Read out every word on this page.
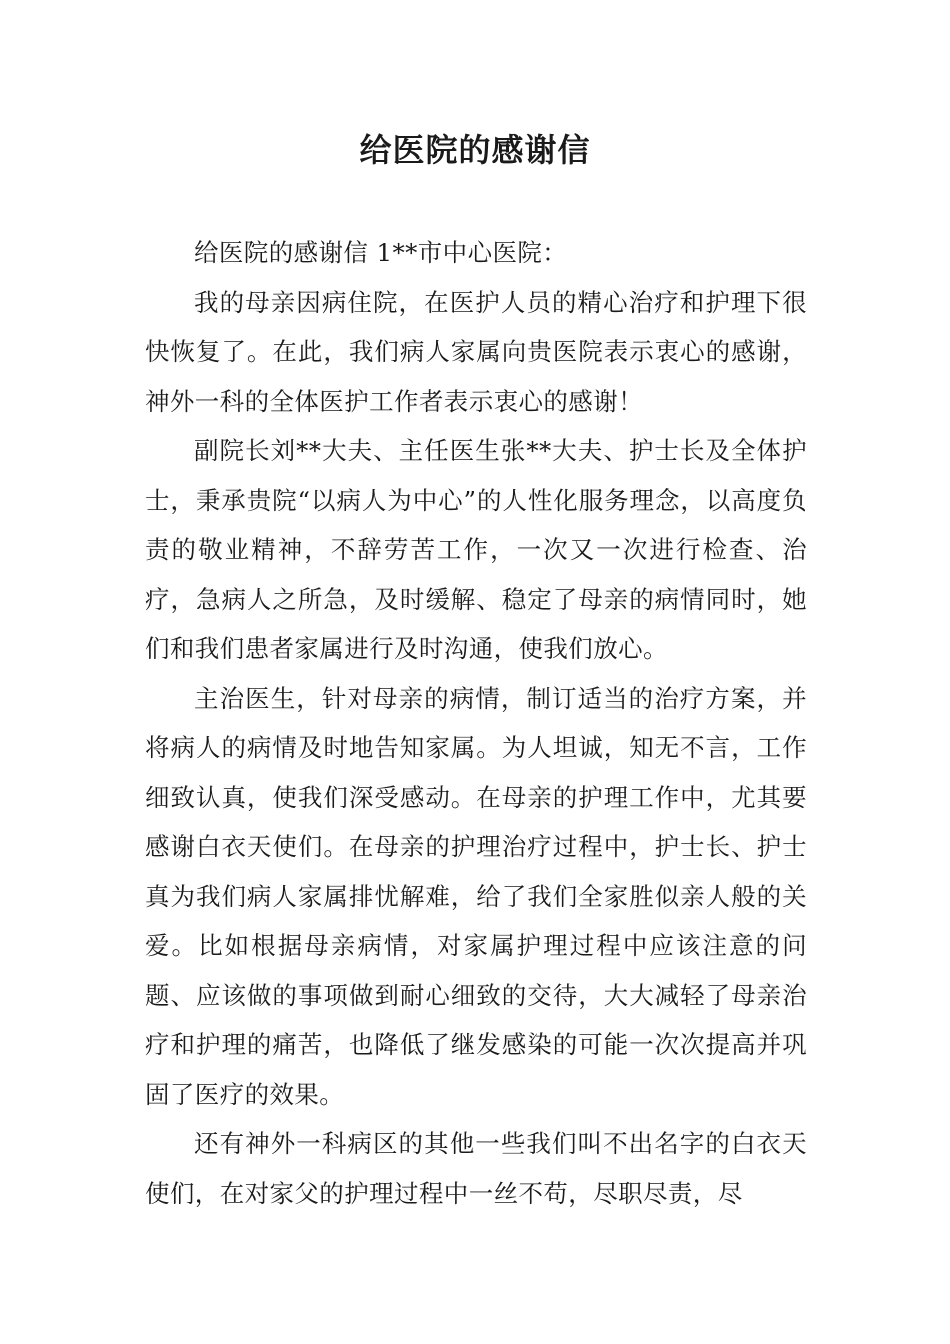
给医院的感谢信

给医院的感谢信 1**市中心医院：

我的母亲因病住院，在医护人员的精心治疗和护理下很快恢复了。在此，我们病人家属向贵医院表示衷心的感谢，神外一科的全体医护工作者表示衷心的感谢！

副院长刘**大夫、主任医生张**大夫、护士长及全体护士，秉承贵院“以病人为中心”的人性化服务理念，以高度负责的敬业精神，不辞劳苦工作，一次又一次进行检查、治疗，急病人之所急，及时缓解、稳定了母亲的病情同时，她们和我们患者家属进行及时沟通，使我们放心。

主治医生，针对母亲的病情，制订适当的治疗方案，并将病人的病情及时地告知家属。为人坦诚，知无不言，工作细致认真，使我们深受感动。在母亲的护理工作中，尤其要感谢白衣天使们。在母亲的护理治疗过程中，护士长、护士真为我们病人家属排忧解难，给了我们全家胜似亲人般的关爱。比如根据母亲病情，对家属护理过程中应该注意的问题、应该做的事项做到耐心细致的交待，大大减轻了母亲治疗和护理的痛苦，也降低了继发感染的可能一次次提高并巩固了医疗的效果。

还有神外一科病区的其他一些我们叫不出名字的白衣天使们，在对家父的护理过程中一丝不苟，尽职尽责，尽
